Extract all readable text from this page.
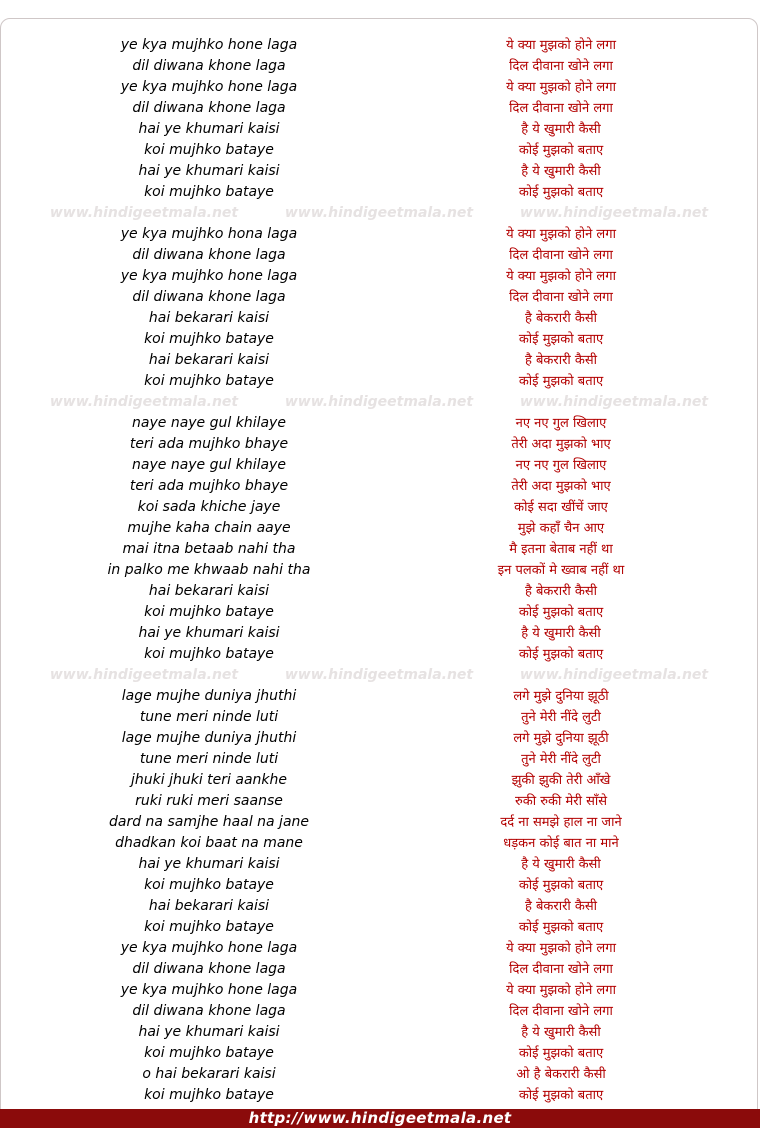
ye kya mujhko hone laga	ये क्या मुझको होने लगा
dil diwana khone laga	दिल दीवाना खोने लगा
ye kya mujhko hone laga	ये क्या मुझको होने लगा
dil diwana khone laga	दिल दीवाना खोने लगा
hai ye khumari kaisi	है ये खुमारी कैसी
koi mujhko bataye	कोई मुझको बताए
hai ye khumari kaisi	है ये खुमारी कैसी
koi mujhko bataye	कोई मुझको बताए
www.hindigeetmala.net	www.hindigeetmala.net	www.hindigeetmala.net
ye kya mujhko hona laga	ये क्या मुझको होने लगा
dil diwana khone laga	दिल दीवाना खोने लगा
ye kya mujhko hone laga	ये क्या मुझको होने लगा
dil diwana khone laga	दिल दीवाना खोने लगा
hai bekarari kaisi	है बेकरारी कैसी
koi mujhko bataye	कोई मुझको बताए
hai bekarari kaisi	है बेकरारी कैसी
koi mujhko bataye	कोई मुझको बताए
www.hindigeetmala.net	www.hindigeetmala.net	www.hindigeetmala.net
naye naye gul khilaye	नए नए गुल खिलाए
teri ada mujhko bhaye	तेरी अदा मुझको भाए
naye naye gul khilaye	नए नए गुल खिलाए
teri ada mujhko bhaye	तेरी अदा मुझको भाए
koi sada khiche jaye	कोई सदा खींचें जाए
mujhe kaha chain aaye	मुझे कहाँ चैन आए
mai itna betaab nahi tha	मै इतना बेताब नहीं था
in palko me khwaab nahi tha	इन पलकों मे ख्वाब नहीं था
hai bekarari kaisi	है बेकरारी कैसी
koi mujhko bataye	कोई मुझको बताए
hai ye khumari kaisi	है ये खुमारी कैसी
koi mujhko bataye	कोई मुझको बताए
www.hindigeetmala.net	www.hindigeetmala.net	www.hindigeetmala.net
lage mujhe duniya jhuthi	लगे मुझे दुनिया झूठी
tune meri ninde luti	तुने मेरी नींदे लुटी
lage mujhe duniya jhuthi	लगे मुझे दुनिया झूठी
tune meri ninde luti	तुने मेरी नींदे लुटी
jhuki jhuki teri aankhe	झुकी झुकी तेरी आँखे
ruki ruki meri saanse	रुकी रुकी मेरी साँसे
dard na samjhe haal na jane	दर्द ना समझे हाल ना जाने
dhadkan koi baat na mane	धड़कन कोई बात ना माने
hai ye khumari kaisi	है ये खुमारी कैसी
koi mujhko bataye	कोई मुझको बताए
hai bekarari kaisi	है बेकरारी कैसी
koi mujhko bataye	कोई मुझको बताए
ye kya mujhko hone laga	ये क्या मुझको होने लगा
dil diwana khone laga	दिल दीवाना खोने लगा
ye kya mujhko hone laga	ये क्या मुझको होने लगा
dil diwana khone laga	दिल दीवाना खोने लगा
hai ye khumari kaisi	है ये खुमारी कैसी
koi mujhko bataye	कोई मुझको बताए
o hai bekarari kaisi	ओ है बेकरारी कैसी
koi mujhko bataye	कोई मुझको बताए
http://www.hindigeetmala.net
